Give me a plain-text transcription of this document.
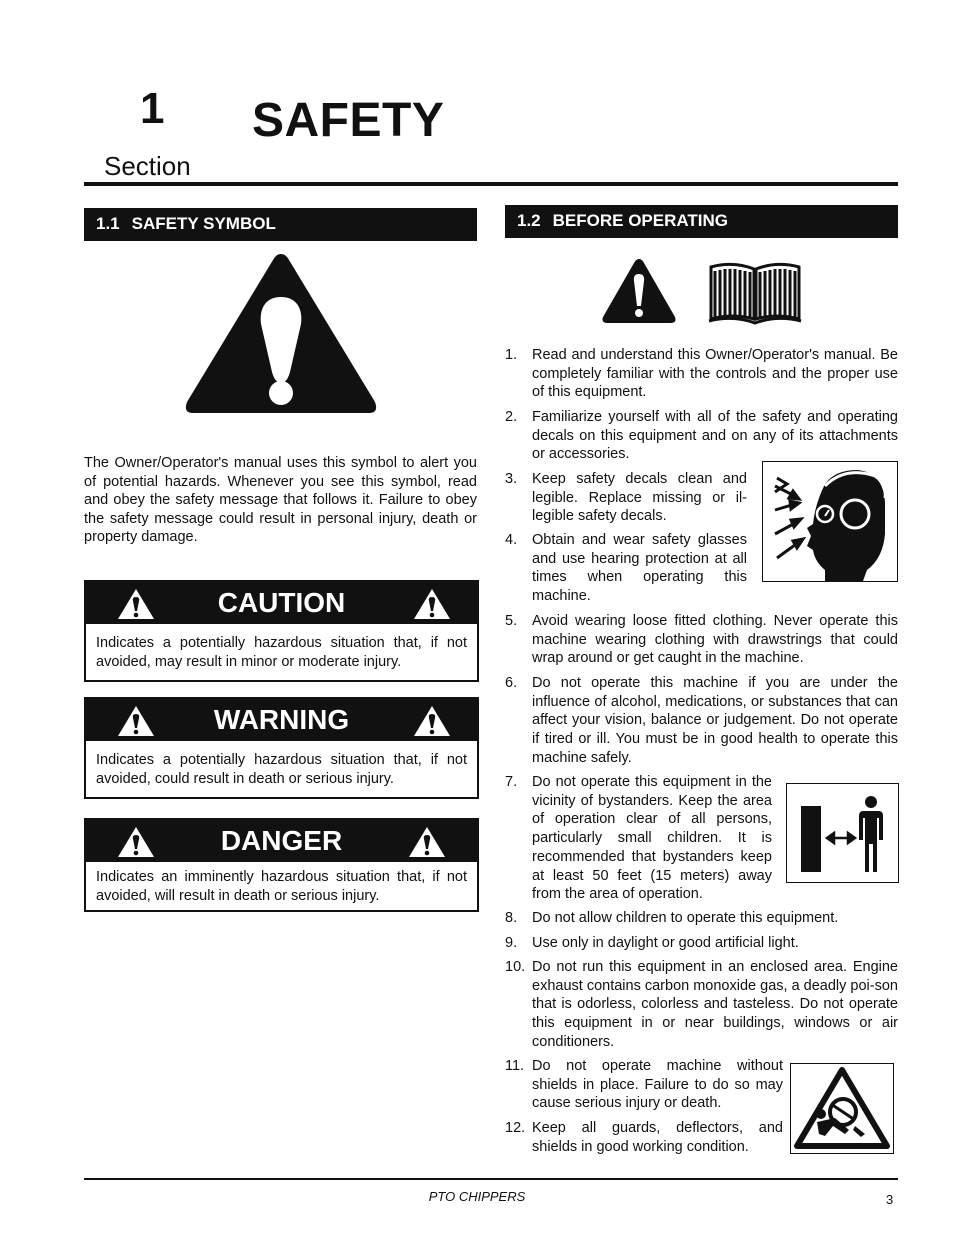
1 SAFETY
Section
1.1 SAFETY SYMBOL
The Owner/Operator's manual uses this symbol to alert you of potential hazards. Whenever you see this symbol, read and obey the safety message that follows it. Failure to obey the safety message could result in personal injury, death or property damage.
CAUTION
Indicates a potentially hazardous situation that, if not avoided, may result in minor or moderate injury.
WARNING
Indicates a potentially hazardous situation that, if not avoided, could result in death or serious injury.
DANGER
Indicates an imminently hazardous situation that, if not avoided, will result in death or serious injury.
1.2 BEFORE OPERATING
1.	Read and understand this Owner/Operator's manual. Be completely familiar with the controls and the proper use of this equipment.
2.	Familiarize yourself with all of the safety and operating decals on this equipment and on any of its attachments or accessories.
3.	Keep safety decals clean and legible. Replace missing or il-legible safety decals.
4.	Obtain and wear safety glasses and use hearing protection at all times when operating this machine.
5.	Avoid wearing loose fitted clothing. Never operate this machine wearing clothing with drawstrings that could wrap around or get caught in the machine.
6.	Do not operate this machine if you are under the influence of alcohol, medications, or substances that can affect your vision, balance or judgement. Do not operate if tired or ill. You must be in good health to operate this machine safely.
7.	Do not operate this equipment in the vicinity of bystanders. Keep the area of operation clear of all persons, particularly small children. It is recommended that bystanders keep at least 50 feet (15 meters) away from the area of operation.
8.	Do not allow children to operate this equipment.
9.	Use only in daylight or good artificial light.
10. Do not run this equipment in an enclosed area. Engine exhaust contains carbon monoxide gas, a deadly poi-son that is odorless, colorless and tasteless. Do not operate this equipment in or near buildings, windows or air conditioners.
11. Do not operate machine without shields in place. Failure to do so may cause serious injury or death.
12. Keep all guards, deflectors, and shields in good working condition.
PTO CHIPPERS	3
